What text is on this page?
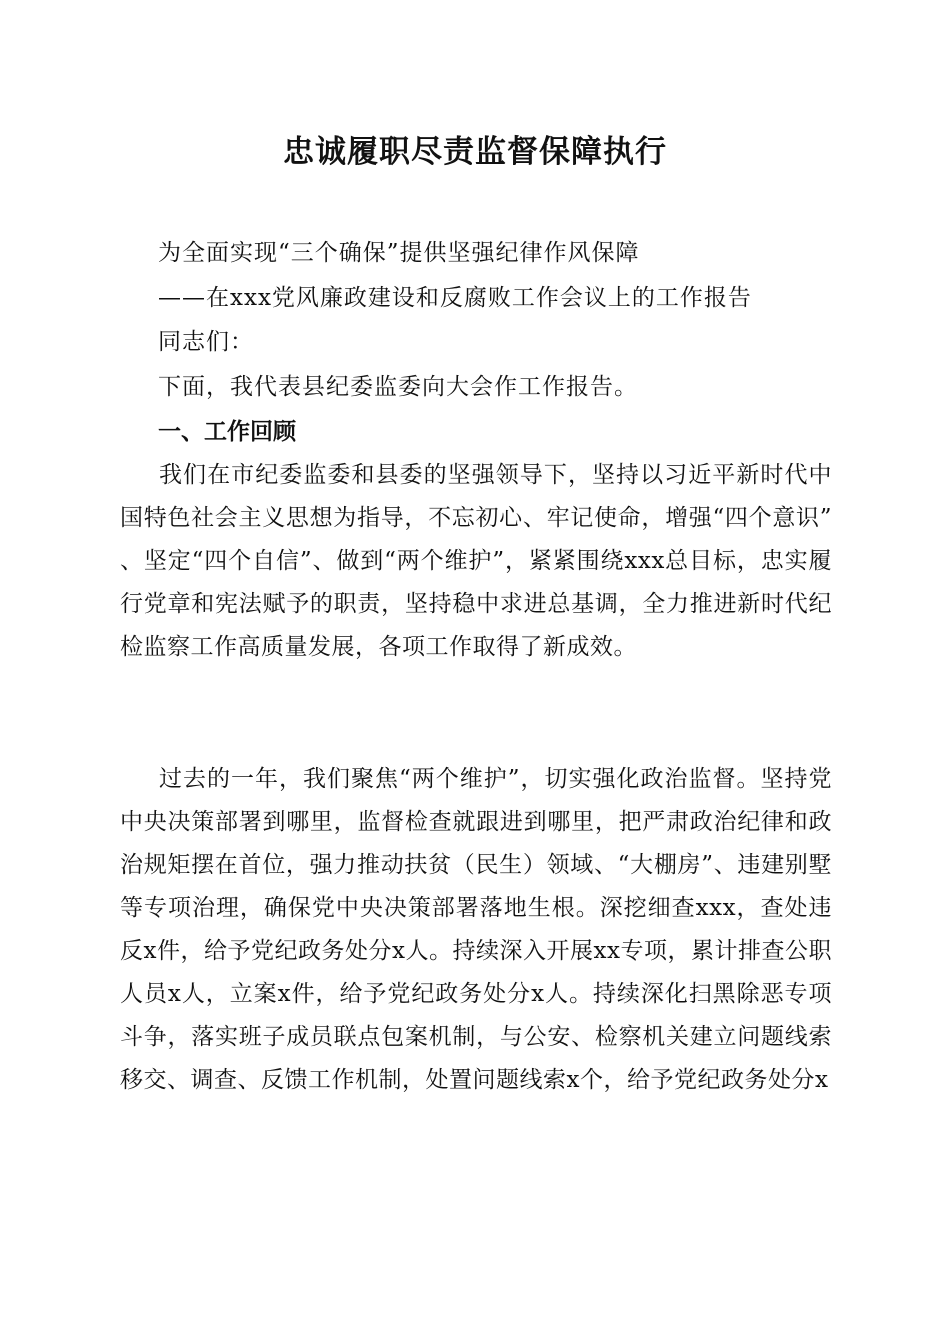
忠诚履职尽责监督保障执行
为全面实现“三个确保”提供坚强纪律作风保障
——在xxx党风廉政建设和反腐败工作会议上的工作报告
同志们：
下面，我代表县纪委监委向大会作工作报告。
一、工作回顾
我们在市纪委监委和县委的坚强领导下，坚持以习近平新时代中国特色社会主义思想为指导，不忘初心、牢记使命，增强“四个意识”、坚定“四个自信”、做到“两个维护”，紧紧围绕xxx总目标，忠实履行党章和宪法赋予的职责，坚持稳中求进总基调，全力推进新时代纪检监察工作高质量发展，各项工作取得了新成效。
过去的一年，我们聚焦“两个维护”，切实强化政治监督。坚持党中央决策部署到哪里，监督检查就跟进到哪里，把严肃政治纪律和政治规矩摆在首位，强力推动扶贫（民生）领域、“大棚房”、违建别墅等专项治理，确保党中央决策部署落地生根。深挖细查xxx，查处违反x件，给予党纪政务处分x人。持续深入开展xx专项，累计排查公职人员x人，立案x件，给予党纪政务处分x人。持续深化扫黑除恶专项斗争，落实班子成员联点包案机制，与公安、检察机关建立问题线索移交、调查、反馈工作机制，处置问题线索x个，给予党纪政务处分x
